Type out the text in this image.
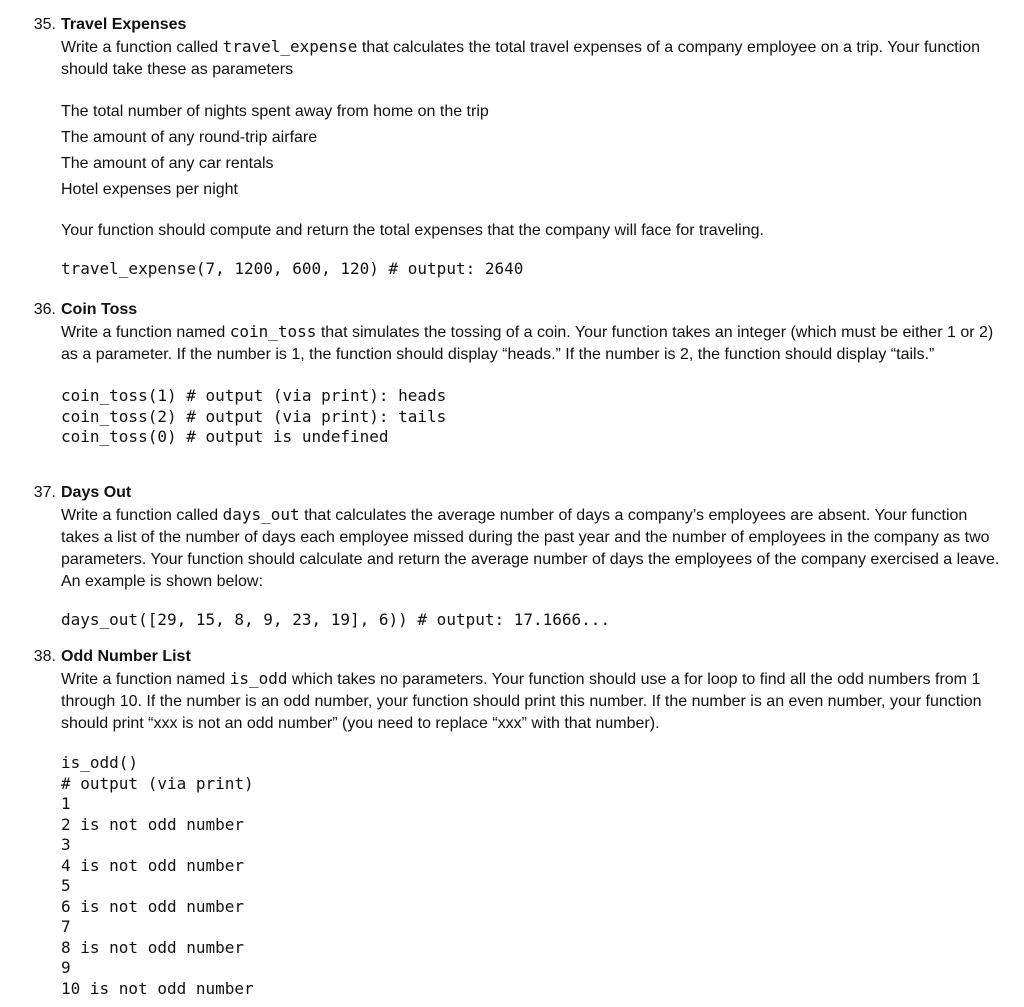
35. Travel Expenses
Write a function called travel_expense that calculates the total travel expenses of a company employee on a trip. Your function should take these as parameters
The total number of nights spent away from home on the trip
The amount of any round-trip airfare
The amount of any car rentals
Hotel expenses per night
Your function should compute and return the total expenses that the company will face for traveling.
travel_expense(7, 1200, 600, 120) # output: 2640
36. Coin Toss
Write a function named coin_toss that simulates the tossing of a coin. Your function takes an integer (which must be either 1 or 2) as a parameter. If the number is 1, the function should display “heads.” If the number is 2, the function should display “tails.”
coin_toss(1) # output (via print): heads
coin_toss(2) # output (via print): tails
coin_toss(0) # output is undefined
37. Days Out
Write a function called days_out that calculates the average number of days a company’s employees are absent. Your function takes a list of the number of days each employee missed during the past year and the number of employees in the company as two parameters. Your function should calculate and return the average number of days the employees of the company exercised a leave. An example is shown below:
days_out([29, 15, 8, 9, 23, 19], 6)) # output: 17.1666...
38. Odd Number List
Write a function named is_odd which takes no parameters. Your function should use a for loop to find all the odd numbers from 1 through 10. If the number is an odd number, your function should print this number. If the number is an even number, your function should print “xxx is not an odd number” (you need to replace “xxx” with that number).
is_odd()
# output (via print)
1
2 is not odd number
3
4 is not odd number
5
6 is not odd number
7
8 is not odd number
9
10 is not odd number
